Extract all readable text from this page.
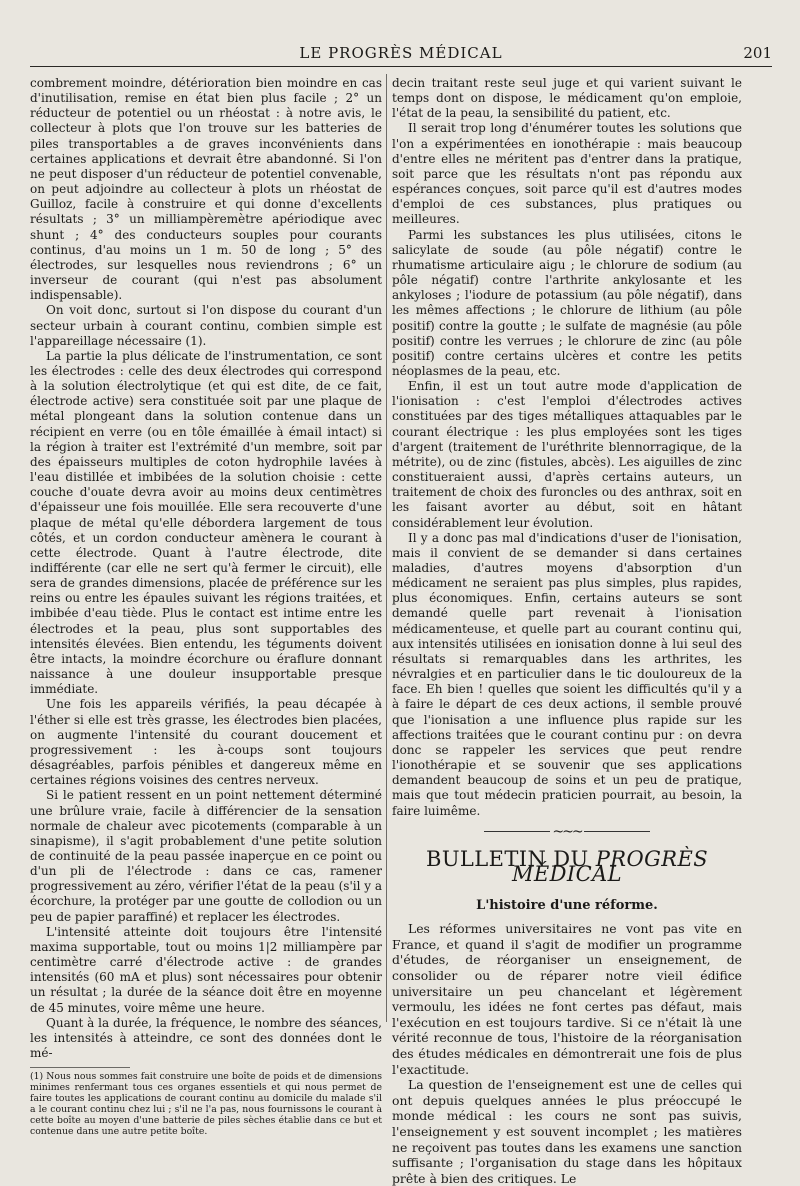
LE PROGRÈS MÉDICAL	201

combrement moindre, détérioration bien moindre en cas d'inutilisation, remise en état bien plus facile ; 2° un réducteur de potentiel ou un rhéostat : à notre avis, le collecteur à plots que l'on trouve sur les batteries de piles transportables a de graves inconvénients dans certaines applications et devrait être abandonné. Si l'on ne peut disposer d'un réducteur de potentiel convenable, on peut adjoindre au collecteur à plots un rhéostat de Guilloz, facile à construire et qui donne d'excellents résultats ; 3° un milliampèremètre apériodique avec shunt ; 4° des conducteurs souples pour courants continus, d'au moins un 1 m. 50 de long ; 5° des électrodes, sur lesquelles nous reviendrons ; 6° un inverseur de courant (qui n'est pas absolument indispensable).

On voit donc, surtout si l'on dispose du courant d'un secteur urbain à courant continu, combien simple est l'appareillage nécessaire (1).

La partie la plus délicate de l'instrumentation, ce sont les électrodes : celle des deux électrodes qui correspond à la solution électrolytique (et qui est dite, de ce fait, électrode active) sera constituée soit par une plaque de métal plongeant dans la solution contenue dans un récipient en verre (ou en tôle émaillée à émail intact) si la région à traiter est l'extrémité d'un membre, soit par des épaisseurs multiples de coton hydrophile lavées à l'eau distillée et imbibées de la solution choisie : cette couche d'ouate devra avoir au moins deux centimètres d'épaisseur une fois mouillée. Elle sera recouverte d'une plaque de métal qu'elle débordera largement de tous côtés, et un cordon conducteur amènera le courant à cette électrode. Quant à l'autre électrode, dite indifférente (car elle ne sert qu'à fermer le circuit), elle sera de grandes dimensions, placée de préférence sur les reins ou entre les épaules suivant les régions traitées, et imbibée d'eau tiède. Plus le contact est intime entre les électrodes et la peau, plus sont supportables des intensités élevées. Bien entendu, les téguments doivent être intacts, la moindre écorchure ou éraflure donnant naissance à une douleur insupportable presque immédiate.

Une fois les appareils vérifiés, la peau décapée à l'éther si elle est très grasse, les électrodes bien placées, on augmente l'intensité du courant doucement et progressivement : les à-coups sont toujours désagréables, parfois pénibles et dangereux même en certaines régions voisines des centres nerveux.

Si le patient ressent en un point nettement déterminé une brûlure vraie, facile à différencier de la sensation normale de chaleur avec picotements (comparable à un sinapisme), il s'agit probablement d'une petite solution de continuité de la peau passée inaperçue en ce point ou d'un pli de l'électrode : dans ce cas, ramener progressivement au zéro, vérifier l'état de la peau (s'il y a écorchure, la protéger par une goutte de collodion ou un peu de papier paraffiné) et replacer les électrodes.

L'intensité atteinte doit toujours être l'intensité maxima supportable, tout ou moins 1|2 milliampère par centimètre carré d'électrode active : de grandes intensités (60 mA et plus) sont nécessaires pour obtenir un résultat ; la durée de la séance doit être en moyenne de 45 minutes, voire même une heure.

Quant à la durée, la fréquence, le nombre des séances, les intensités à atteindre, ce sont des données dont le mé-

(1) Nous nous sommes fait construire une boîte de poids et de dimensions minimes renfermant tous ces organes essentiels et qui nous permet de faire toutes les applications de courant continu au domicile du malade s'il a le courant continu chez lui ; s'il ne l'a pas, nous fournissons le courant à cette boîte au moyen d'une batterie de piles sèches établie dans ce but et contenue dans une autre petite boîte.

decin traitant reste seul juge et qui varient suivant le temps dont on dispose, le médicament qu'on emploie, l'état de la peau, la sensibilité du patient, etc.

Il serait trop long d'énumérer toutes les solutions que l'on a expérimentées en ionothérapie : mais beaucoup d'entre elles ne méritent pas d'entrer dans la pratique, soit parce que les résultats n'ont pas répondu aux espérances conçues, soit parce qu'il est d'autres modes d'emploi de ces substances, plus pratiques ou meilleures.

Parmi les substances les plus utilisées, citons le salicylate de soude (au pôle négatif) contre le rhumatisme articulaire aigu ; le chlorure de sodium (au pôle négatif) contre l'arthrite ankylosante et les ankyloses ; l'iodure de potassium (au pôle négatif), dans les mêmes affections ; le chlorure de lithium (au pôle positif) contre la goutte ; le sulfate de magnésie (au pôle positif) contre les verrues ; le chlorure de zinc (au pôle positif) contre certains ulcères et contre les petits néoplasmes de la peau, etc.

Enfin, il est un tout autre mode d'application de l'ionisation : c'est l'emploi d'électrodes actives constituées par des tiges métalliques attaquables par le courant électrique : les plus employées sont les tiges d'argent (traitement de l'uréthrite blennorragique, de la métrite), ou de zinc (fistules, abcès). Les aiguilles de zinc constitueraient aussi, d'après certains auteurs, un traitement de choix des furoncles ou des anthrax, soit en les faisant avorter au début, soit en hâtant considérablement leur évolution.

Il y a donc pas mal d'indications d'user de l'ionisation, mais il convient de se demander si dans certaines maladies, d'autres moyens d'absorption d'un médicament ne seraient pas plus simples, plus rapides, plus économiques. Enfin, certains auteurs se sont demandé quelle part revenait à l'ionisation médicamenteuse, et quelle part au courant continu qui, aux intensités utilisées en ionisation donne à lui seul des résultats si remarquables dans les arthrites, les névralgies et en particulier dans le tic douloureux de la face. Eh bien ! quelles que soient les difficultés qu'il y a à faire le départ de ces deux actions, il semble prouvé que l'ionisation a une influence plus rapide sur les affections traitées que le courant continu pur : on devra donc se rappeler les services que peut rendre l'ionothérapie et se souvenir que ses applications demandent beaucoup de soins et un peu de pratique, mais que tout médecin praticien pourrait, au besoin, la faire luimême.

~~~
BULLETIN DU PROGRÈS MÉDICAL
L'histoire d'une réforme.

Les réformes universitaires ne vont pas vite en France, et quand il s'agit de modifier un programme d'études, de réorganiser un enseignement, de consolider ou de réparer notre vieil édifice universitaire un peu chancelant et légèrement vermoulu, les idées ne font certes pas défaut, mais l'exécution en est toujours tardive. Si ce n'était là une vérité reconnue de tous, l'histoire de la réorganisation des études médicales en démontrerait une fois de plus l'exactitude.

La question de l'enseignement est une de celles qui ont depuis quelques années le plus préoccupé le monde médical : les cours ne sont pas suivis, l'enseignement y est souvent incomplet ; les matières ne reçoivent pas toutes dans les examens une sanction suffisante ; l'organisation du stage dans les hôpitaux prête à bien des critiques. Le
